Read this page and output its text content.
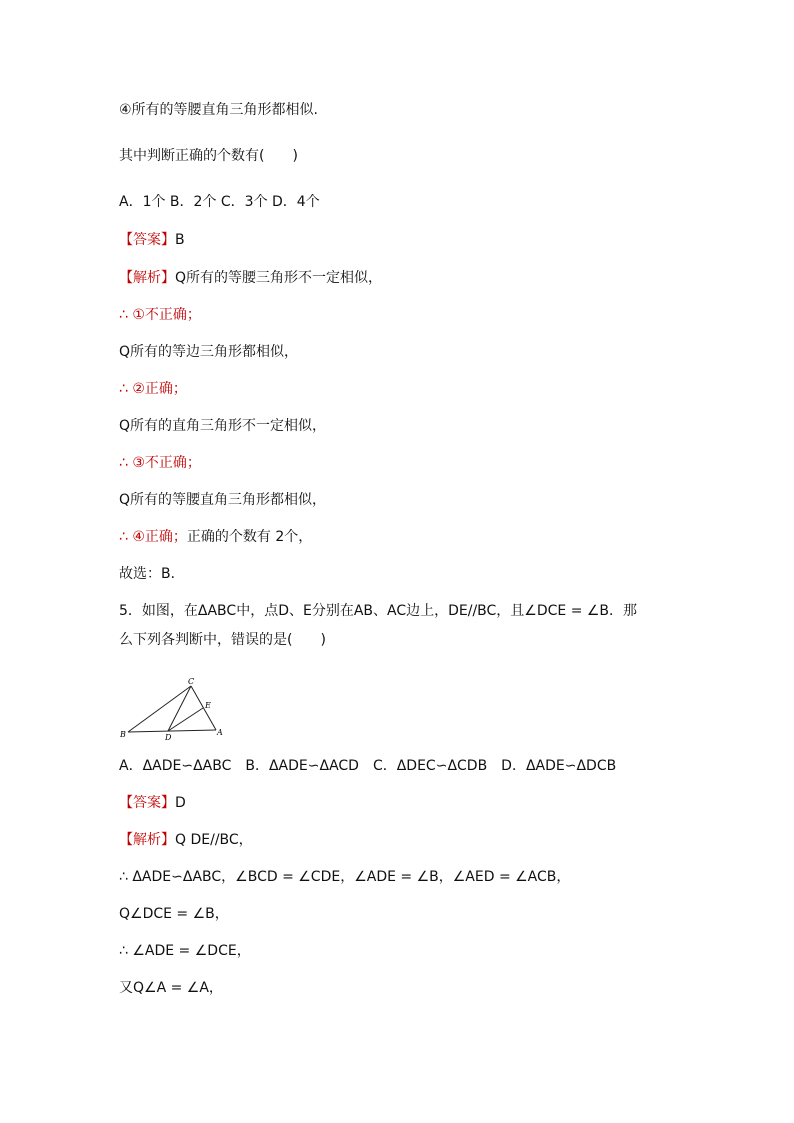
④所有的等腰直角三角形都相似.
其中判断正确的个数有(　　)
A．1个 B．2个 C．3个 D．4个
【答案】B
【解析】Q所有的等腰三角形不一定相似，
∴ ①不正确；
Q所有的等边三角形都相似，
∴ ②正确；
Q所有的直角三角形不一定相似，
∴ ③不正确；
Q所有的等腰直角三角形都相似，
∴ ④正确；正确的个数有 2个，
故选：B．
5．如图，在ΔABC中，点D、E分别在AB、AC边上，DE//BC，且∠DCE = ∠B．那
么下列各判断中，错误的是(　　)
B	D
A
E
C
A．ΔADE∽ΔABC　B．ΔADE∽ΔACD　C．ΔDEC∽ΔCDB　D．ΔADE∽ΔDCB
【答案】D
【解析】Q DE//BC，
∴ ΔADE∽ΔABC，∠BCD = ∠CDE，∠ADE = ∠B，∠AED = ∠ACB，
Q∠DCE = ∠B，
∴ ∠ADE = ∠DCE，
又Q∠A = ∠A，
